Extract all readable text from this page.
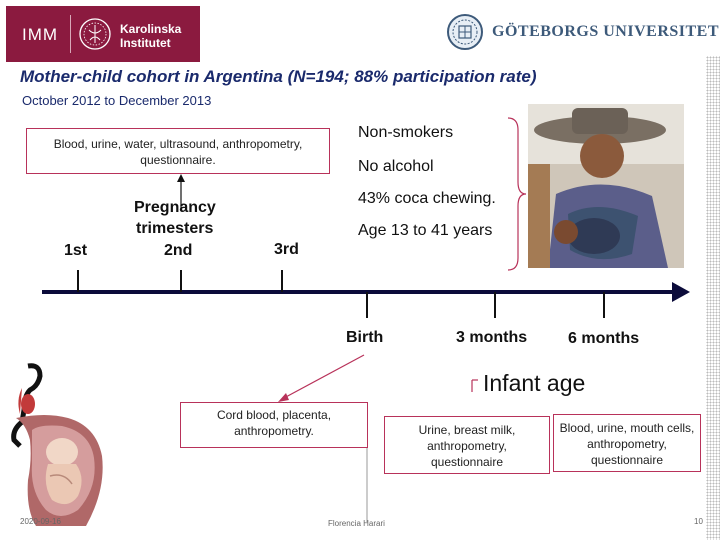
IMM	Karolinska
Institutet
GÖTEBORGS UNIVERSITET
Mother-child cohort in Argentina (N=194; 88% participation rate)
October 2012 to December 2013
Blood, urine, water, ultrasound, anthropometry, questionnaire.
Non-smokers
No alcohol
43% coca chewing.
Age 13 to 41 years
Pregnancy
trimesters
1st	2nd	3rd
Birth	3 months	6 months
Infant age
Cord blood, placenta, anthropometry.	Urine, breast milk, anthropometry, questionnaire
Blood, urine, mouth cells, anthropometry, questionnaire
2020-09-16	Florencia Harari	10
